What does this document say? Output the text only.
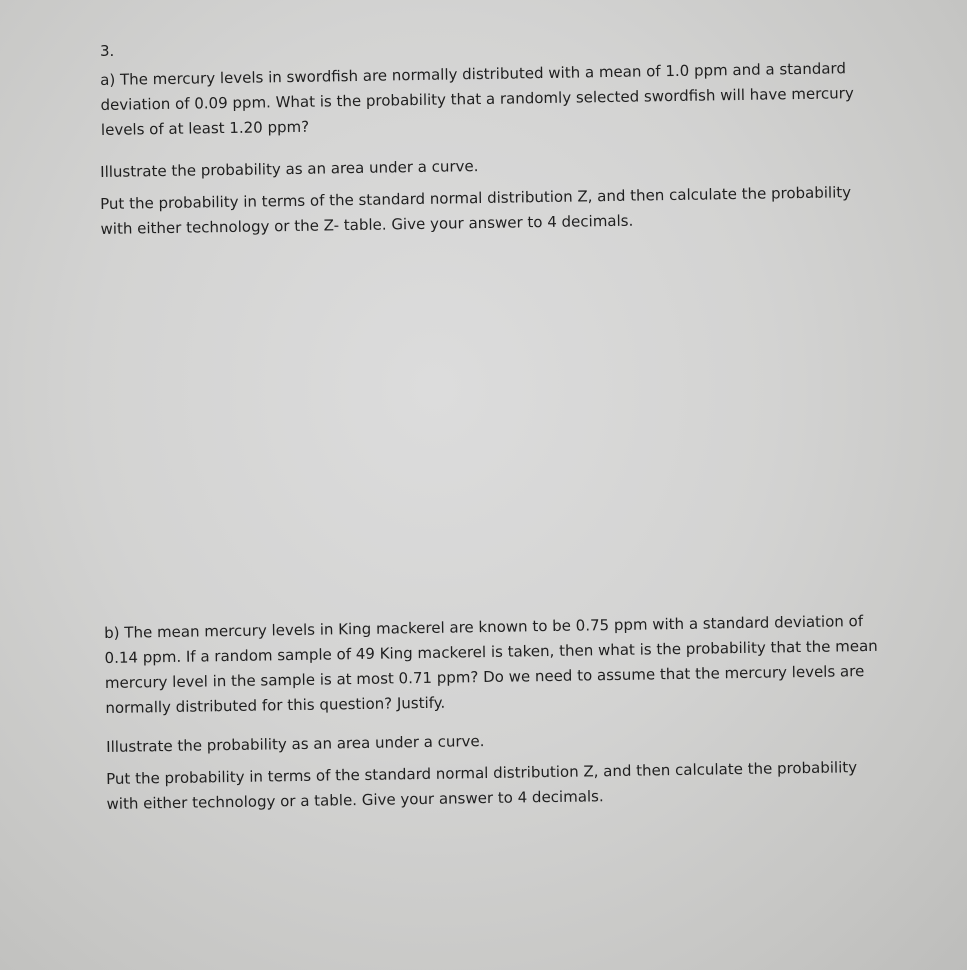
3.
a) The mercury levels in swordfish are normally distributed with a mean of 1.0 ppm and a standard
deviation of 0.09 ppm. What is the probability that a randomly selected swordfish will have mercury
levels of at least 1.20 ppm?
Illustrate the probability as an area under a curve.
Put the probability in terms of the standard normal distribution Z, and then calculate the probability
with either technology or the Z- table. Give your answer to 4 decimals.
b) The mean mercury levels in King mackerel are known to be 0.75 ppm with a standard deviation of
0.14 ppm. If a random sample of 49 King mackerel is taken, then what is the probability that the mean
mercury level in the sample is at most 0.71 ppm? Do we need to assume that the mercury levels are
normally distributed for this question? Justify.
Illustrate the probability as an area under a curve.
Put the probability in terms of the standard normal distribution Z, and then calculate the probability
with either technology or a table. Give your answer to 4 decimals.
